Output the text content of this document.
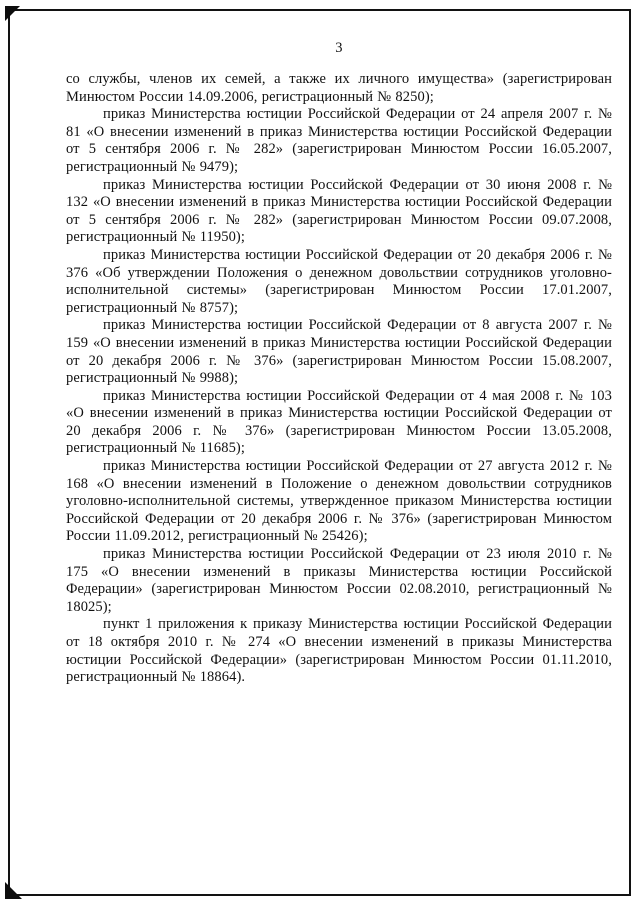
3

со службы, членов их семей, а также их личного имущества» (зарегистрирован Минюстом России 14.09.2006, регистрационный № 8250);

приказ Министерства юстиции Российской Федерации от 24 апреля 2007 г. № 81 «О внесении изменений в приказ Министерства юстиции Российской Федерации от 5 сентября 2006 г. № 282» (зарегистрирован Минюстом России 16.05.2007, регистрационный № 9479);

приказ Министерства юстиции Российской Федерации от 30 июня 2008 г. № 132 «О внесении изменений в приказ Министерства юстиции Российской Федерации от 5 сентября 2006 г. № 282» (зарегистрирован Минюстом России 09.07.2008, регистрационный № 11950);

приказ Министерства юстиции Российской Федерации от 20 декабря 2006 г. № 376 «Об утверждении Положения о денежном довольствии сотрудников уголовно-исполнительной системы» (зарегистрирован Минюстом России 17.01.2007, регистрационный № 8757);

приказ Министерства юстиции Российской Федерации от 8 августа 2007 г. № 159 «О внесении изменений в приказ Министерства юстиции Российской Федерации от 20 декабря 2006 г. № 376» (зарегистрирован Минюстом России 15.08.2007, регистрационный № 9988);

приказ Министерства юстиции Российской Федерации от 4 мая 2008 г. № 103 «О внесении изменений в приказ Министерства юстиции Российской Федерации от 20 декабря 2006 г. № 376» (зарегистрирован Минюстом России 13.05.2008, регистрационный № 11685);

приказ Министерства юстиции Российской Федерации от 27 августа 2012 г. № 168 «О внесении изменений в Положение о денежном довольствии сотрудников уголовно-исполнительной системы, утвержденное приказом Министерства юстиции Российской Федерации от 20 декабря 2006 г. № 376» (зарегистрирован Минюстом России 11.09.2012, регистрационный № 25426);

приказ Министерства юстиции Российской Федерации от 23 июля 2010 г. № 175 «О внесении изменений в приказы Министерства юстиции Российской Федерации» (зарегистрирован Минюстом России 02.08.2010, регистрационный № 18025);

пункт 1 приложения к приказу Министерства юстиции Российской Федерации от 18 октября 2010 г. № 274 «О внесении изменений в приказы Министерства юстиции Российской Федерации» (зарегистрирован Минюстом России 01.11.2010, регистрационный № 18864).
